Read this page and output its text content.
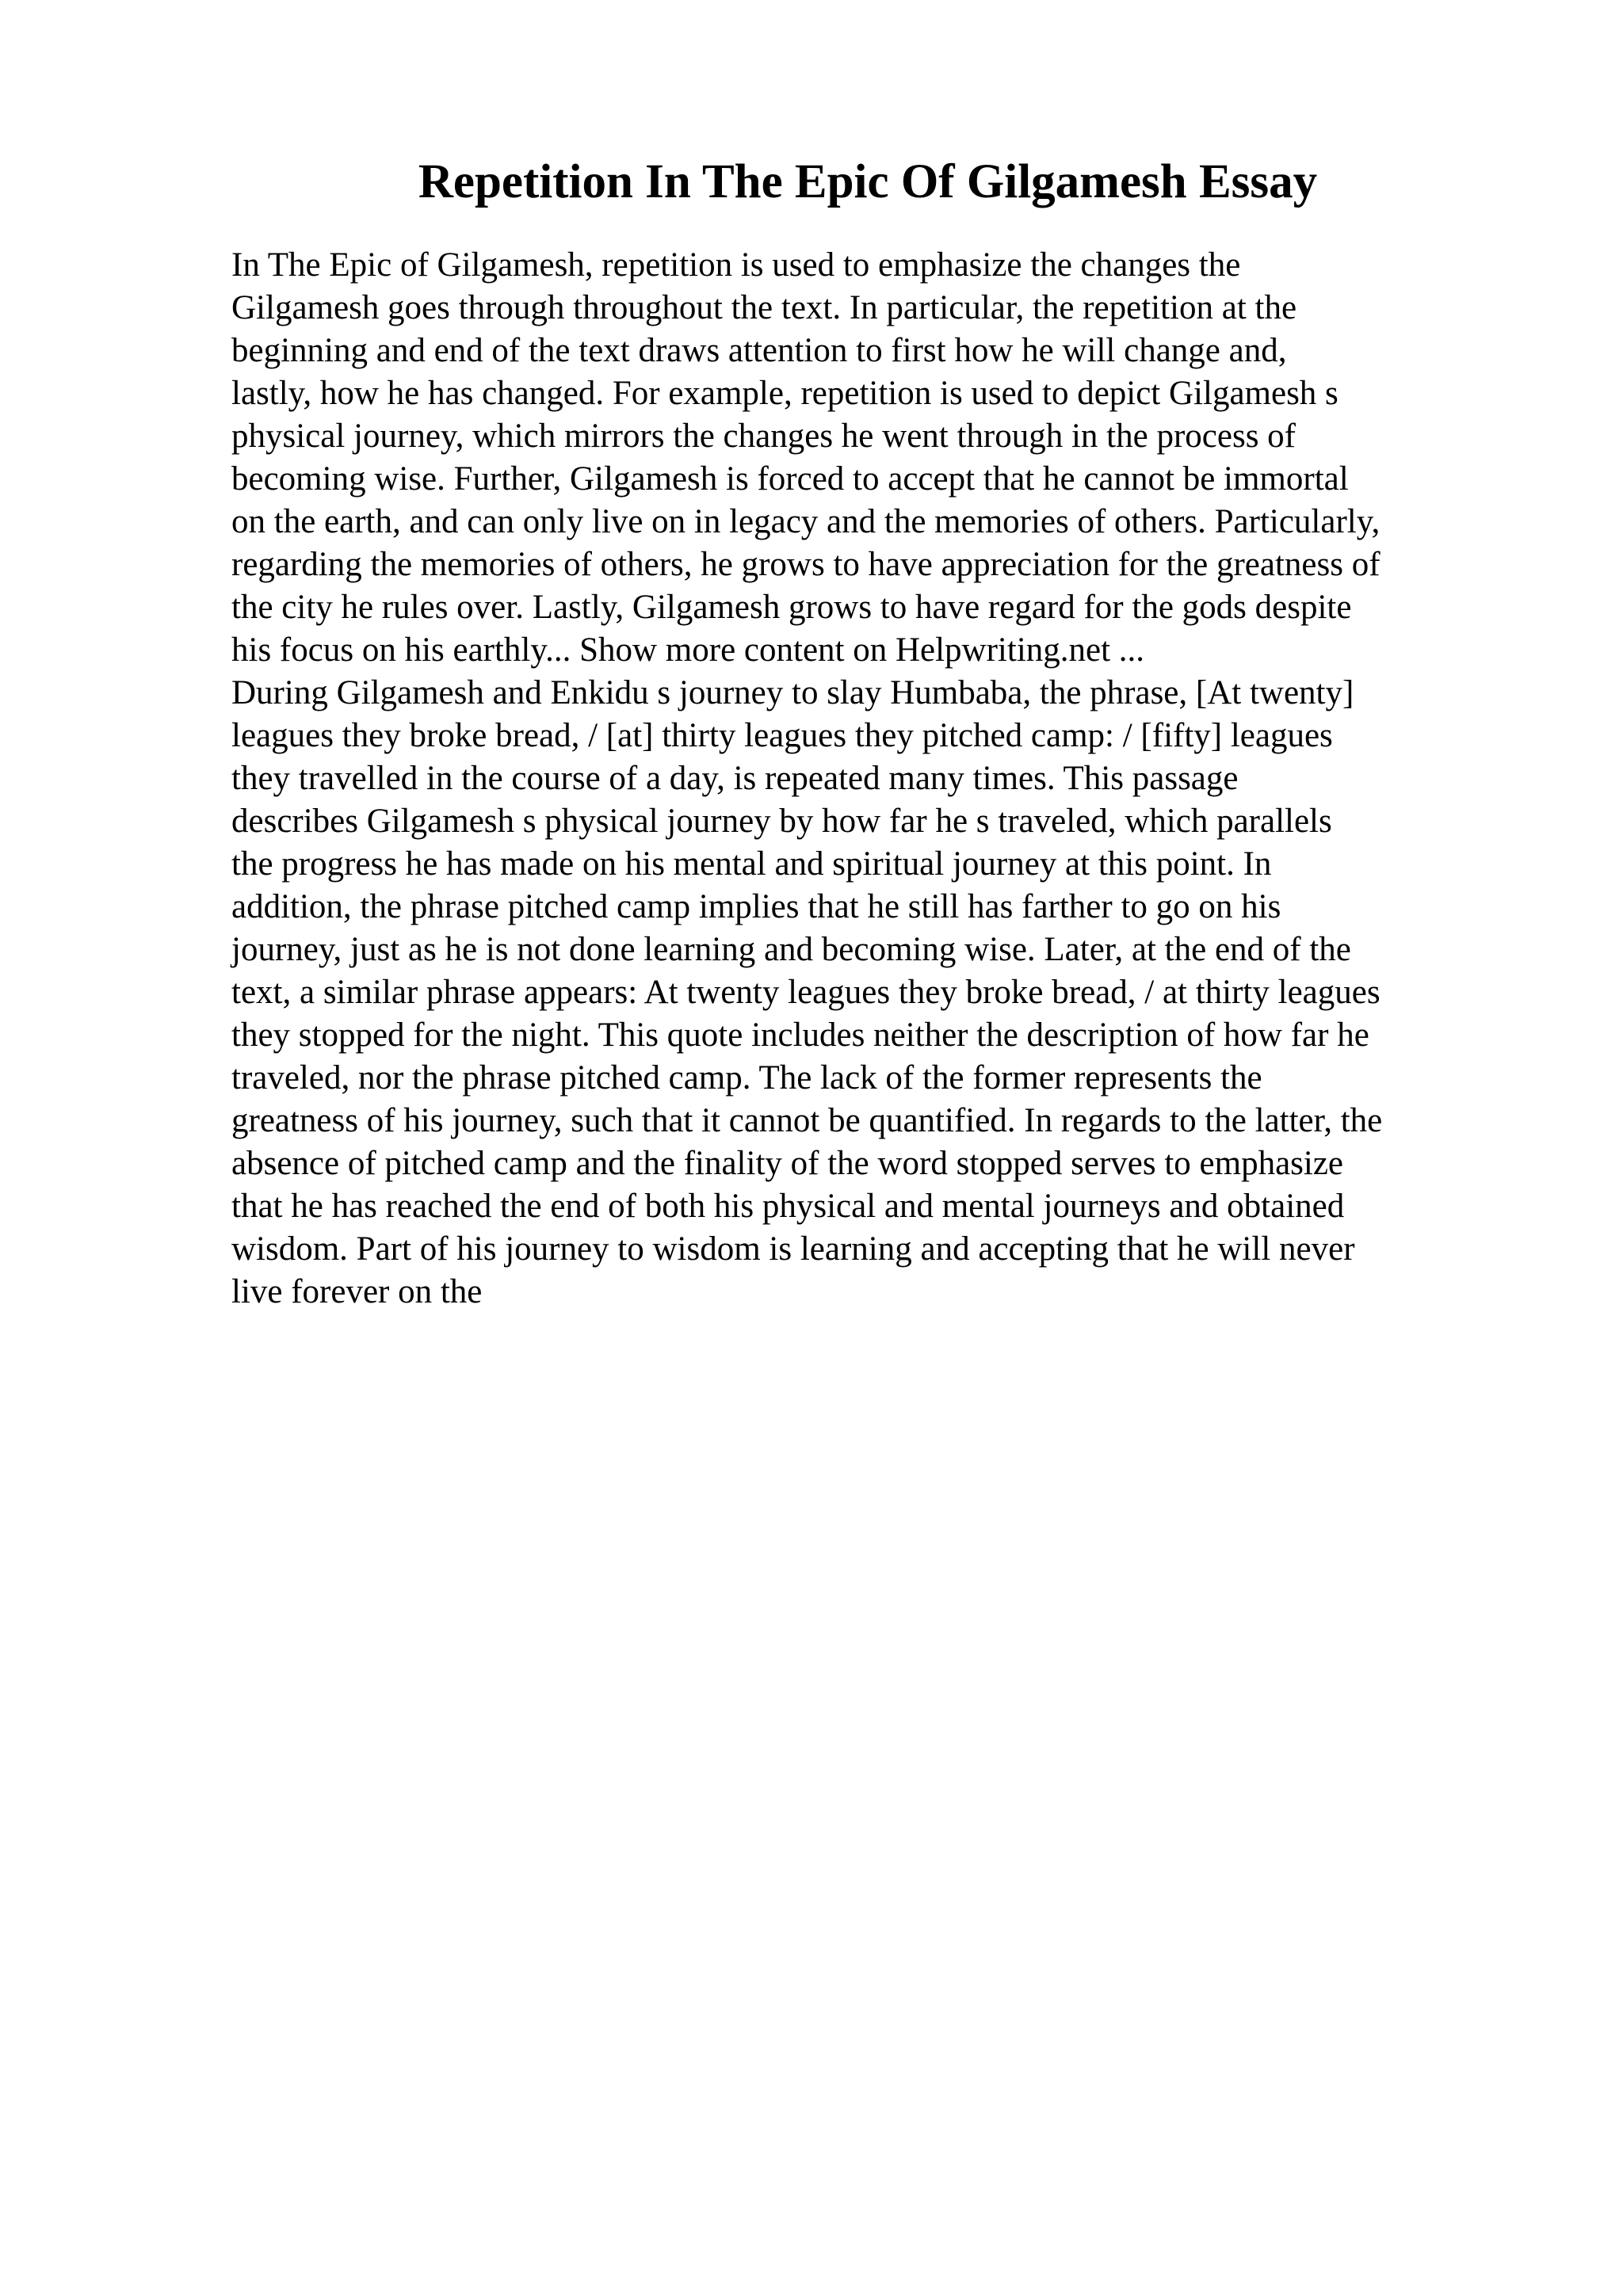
Repetition In The Epic Of Gilgamesh Essay
In The Epic of Gilgamesh, repetition is used to emphasize the changes the
Gilgamesh goes through throughout the text. In particular, the repetition at the
beginning and end of the text draws attention to first how he will change and,
lastly, how he has changed. For example, repetition is used to depict Gilgamesh s
physical journey, which mirrors the changes he went through in the process of
becoming wise. Further, Gilgamesh is forced to accept that he cannot be immortal
on the earth, and can only live on in legacy and the memories of others. Particularly,
regarding the memories of others, he grows to have appreciation for the greatness of
the city he rules over. Lastly, Gilgamesh grows to have regard for the gods despite
his focus on his earthly... Show more content on Helpwriting.net ...
During Gilgamesh and Enkidu s journey to slay Humbaba, the phrase, [At twenty]
leagues they broke bread, / [at] thirty leagues they pitched camp: / [fifty] leagues
they travelled in the course of a day, is repeated many times. This passage
describes Gilgamesh s physical journey by how far he s traveled, which parallels
the progress he has made on his mental and spiritual journey at this point. In
addition, the phrase pitched camp implies that he still has farther to go on his
journey, just as he is not done learning and becoming wise. Later, at the end of the
text, a similar phrase appears: At twenty leagues they broke bread, / at thirty leagues
they stopped for the night. This quote includes neither the description of how far he
traveled, nor the phrase pitched camp. The lack of the former represents the
greatness of his journey, such that it cannot be quantified. In regards to the latter, the
absence of pitched camp and the finality of the word stopped serves to emphasize
that he has reached the end of both his physical and mental journeys and obtained
wisdom. Part of his journey to wisdom is learning and accepting that he will never
live forever on the
